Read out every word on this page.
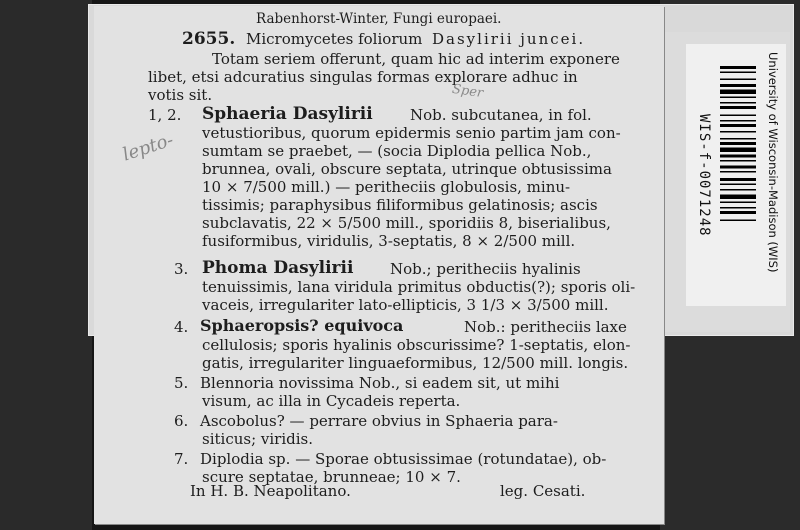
Rabenhorst-Winter, Fungi europaei.
2655. Micromycetes foliorum Dasylirii juncei.
Totam seriem offerunt, quam hic ad interim exponere
libet, etsi adcuratius singulas formas explorare adhuc in
votis sit.
1, 2. Sphaeria Dasylirii Nob. subcutanea, in fol.
vetustioribus, quorum epidermis senio partim jam con-
sumtam se praebet, — (socia Diplodia pellica Nob.,
brunnea, ovali, obscure septata, utrinque obtusissima
10 × 7/500 mill.) — peritheciis globulosis, minu-
tissimis; paraphysibus filiformibus gelatinosis; ascis
subclavatis, 22 × 5/500 mill., sporidiis 8, biserialibus,
fusiformibus, viridulis, 3-septatis, 8 × 2/500 mill.
3. Phoma Dasylirii Nob.; peritheciis hyalinis
tenuissimis, lana viridula primitus obductis(?); sporis oli-
vaceis, irregulariter lato-ellipticis, 3 1/3 × 3/500 mill.
4. Sphaeropsis? equivoca	Nob.: peritheciis laxe
cellulosis; sporis hyalinis obscurissime? 1-septatis, elon-
gatis, irregulariter linguaeformibus, 12/500 mill. longis.
5. Blennoria novissima Nob., si eadem sit, ut mihi
visum, ac illa in Cycadeis reperta.
6. Ascobolus? — perrare obvius in Sphaeria para-
siticus; viridis.
7. Diplodia sp. — Sporae obtusissimae (rotundatae), ob-
scure septatae, brunneae; 10 × 7.
In H. B. Neapolitano.	leg. Cesati.
lepto-
Sper	University of Wisconsin-Madison (WIS)
WIS-f-0071248
